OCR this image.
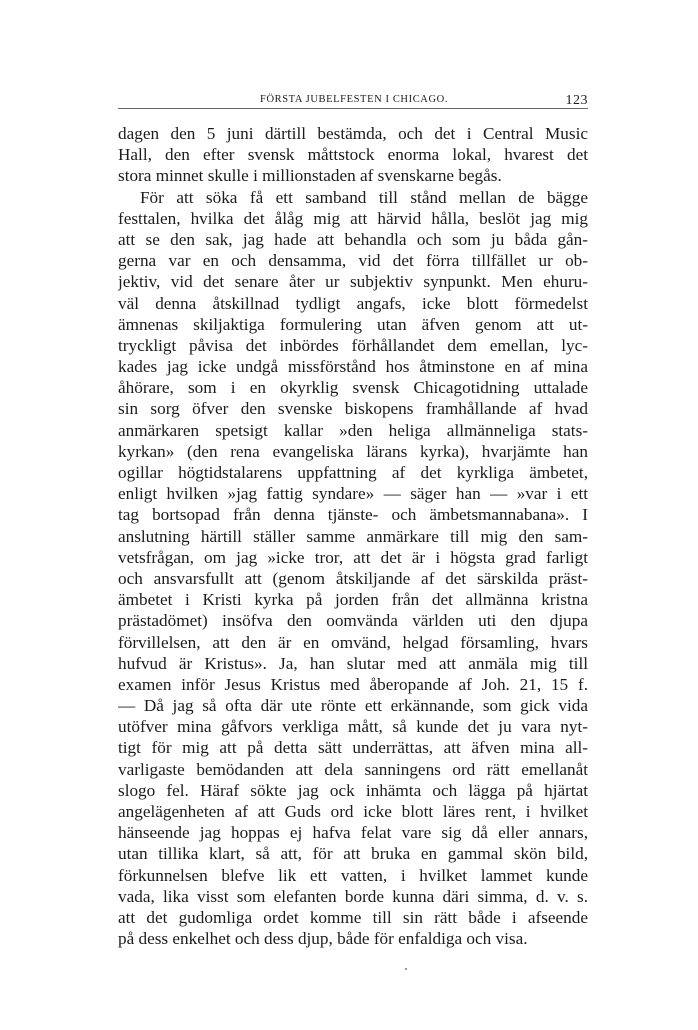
FÖRSTA JUBELFESTEN I CHICAGO.	123
dagen den 5 juni därtill bestämda, och det i Central Music
Hall, den efter svensk måttstock enorma lokal, hvarest det
stora minnet skulle i millionstaden af svenskarne begås.
För att söka få ett samband till stånd mellan de bägge
festtalen, hvilka det ålåg mig att härvid hålla, beslöt jag mig
att se den sak, jag hade att behandla och som ju båda gån-
gerna var en och densamma, vid det förra tillfället ur ob-
jektiv, vid det senare åter ur subjektiv synpunkt. Men ehuru-
väl denna åtskillnad tydligt angafs, icke blott förmedelst
ämnenas skiljaktiga formulering utan äfven genom att ut-
tryckligt påvisa det inbördes förhållandet dem emellan, lyc-
kades jag icke undgå missförstånd hos åtminstone en af mina
åhörare, som i en okyrklig svensk Chicagotidning uttalade
sin sorg öfver den svenske biskopens framhållande af hvad
anmärkaren spetsigt kallar »den heliga allmänneliga stats-
kyrkan» (den rena evangeliska lärans kyrka), hvarjämte han
ogillar högtidstalarens uppfattning af det kyrkliga ämbetet,
enligt hvilken »jag fattig syndare» — säger han — »var i ett
tag bortsopad från denna tjänste- och ämbetsmannabana». I
anslutning härtill ställer samme anmärkare till mig den sam-
vetsfrågan, om jag »icke tror, att det är i högsta grad farligt
och ansvarsfullt att (genom åtskiljande af det särskilda präst-
ämbetet i Kristi kyrka på jorden från det allmänna kristna
prästadömet) insöfva den oomvända världen uti den djupa
förvillelsen, att den är en omvänd, helgad församling, hvars
hufvud är Kristus». Ja, han slutar med att anmäla mig till
examen inför Jesus Kristus med åberopande af Joh. 21, 15 f.
— Då jag så ofta där ute rönte ett erkännande, som gick vida
utöfver mina gåfvors verkliga mått, så kunde det ju vara nyt-
tigt för mig att på detta sätt underrättas, att äfven mina all-
varligaste bemödanden att dela sanningens ord rätt emellanåt
slogo fel. Häraf sökte jag ock inhämta och lägga på hjärtat
angelägenheten af att Guds ord icke blott läres rent, i hvilket
hänseende jag hoppas ej hafva felat vare sig då eller annars,
utan tillika klart, så att, för att bruka en gammal skön bild,
förkunnelsen blefve lik ett vatten, i hvilket lammet kunde
vada, lika visst som elefanten borde kunna däri simma, d. v. s.
att det gudomliga ordet komme till sin rätt både i afseende
på dess enkelhet och dess djup, både för enfaldiga och visa.
